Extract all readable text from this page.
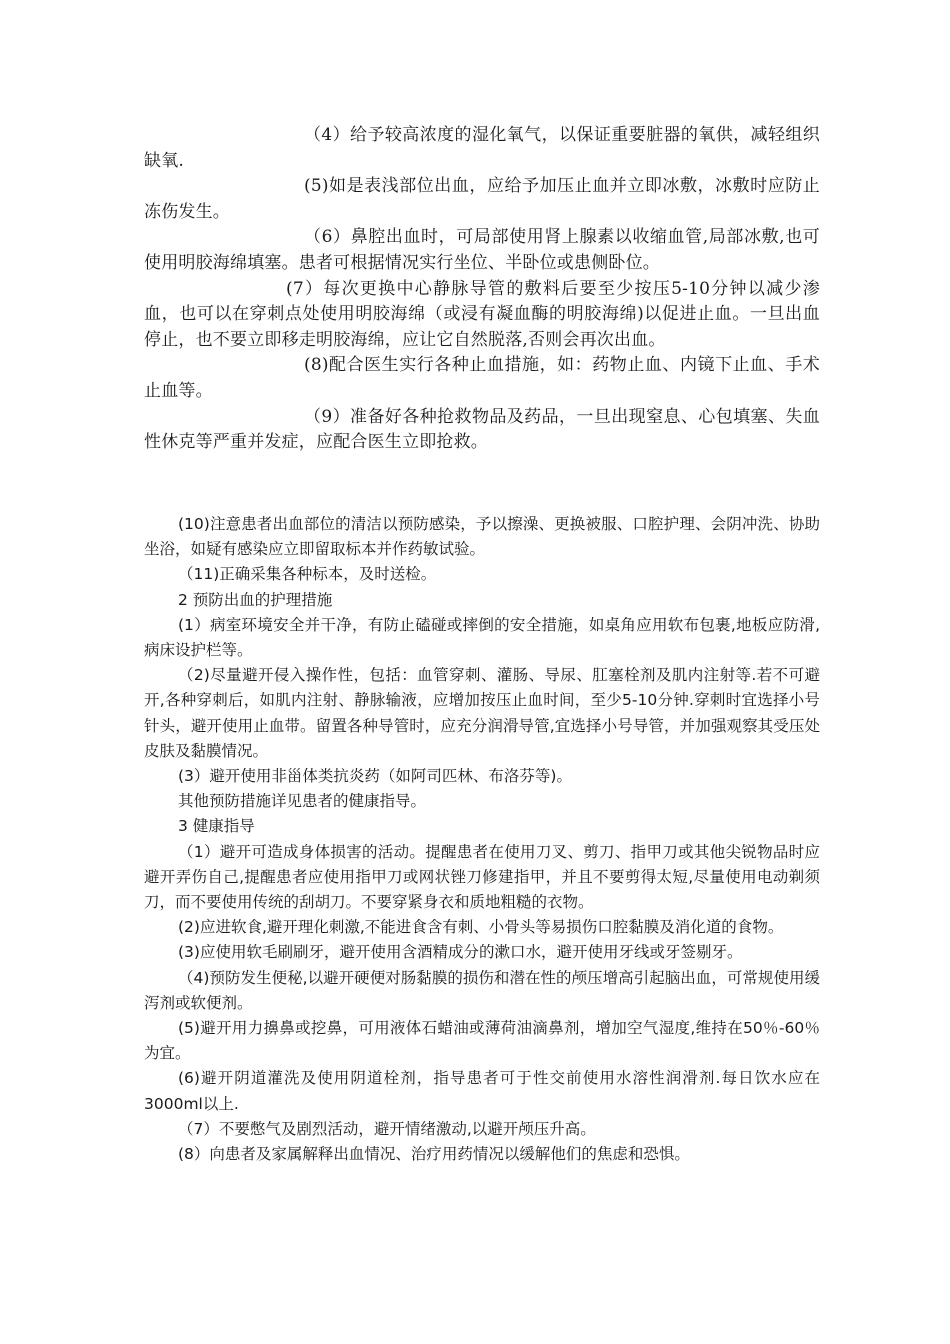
（4）给予较高浓度的湿化氧气，以保证重要脏器的氧供，减轻组织缺氧.

(5)如是表浅部位出血，应给予加压止血并立即冰敷，冰敷时应防止冻伤发生。

（6）鼻腔出血时，可局部使用肾上腺素以收缩血管,局部冰敷,也可使用明胶海绵填塞。患者可根据情况实行坐位、半卧位或患侧卧位。

(7）每次更换中心静脉导管的敷料后要至少按压5-10分钟以减少渗血，也可以在穿刺点处使用明胶海绵（或浸有凝血酶的明胶海绵)以促进止血。一旦出血停止，也不要立即移走明胶海绵，应让它自然脱落,否则会再次出血。

(8)配合医生实行各种止血措施，如：药物止血、内镜下止血、手术止血等。

（9）准备好各种抢救物品及药品，一旦出现窒息、心包填塞、失血性休克等严重并发症，应配合医生立即抢救。

(10)注意患者出血部位的清洁以预防感染，予以擦澡、更换被服、口腔护理、会阴冲洗、协助坐浴，如疑有感染应立即留取标本并作药敏试验。

（11)正确采集各种标本，及时送检。

2 预防出血的护理措施

(1）病室环境安全并干净，有防止磕碰或摔倒的安全措施，如桌角应用软布包裹,地板应防滑,病床设护栏等。

（2)尽量避开侵入操作性，包括：血管穿刺、灌肠、导尿、肛塞栓剂及肌内注射等.若不可避开,各种穿刺后，如肌内注射、静脉输液，应增加按压止血时间，至少5-10分钟.穿刺时宜选择小号针头，避开使用止血带。留置各种导管时，应充分润滑导管,宜选择小号导管，并加强观察其受压处皮肤及黏膜情况。

(3）避开使用非甾体类抗炎药（如阿司匹林、布洛芬等)。

其他预防措施详见患者的健康指导。

3 健康指导

（1）避开可造成身体损害的活动。提醒患者在使用刀叉、剪刀、指甲刀或其他尖锐物品时应避开弄伤自己,提醒患者应使用指甲刀或网状锉刀修建指甲，并且不要剪得太短,尽量使用电动剃须刀，而不要使用传统的刮胡刀。不要穿紧身衣和质地粗糙的衣物。

(2)应进软食,避开理化刺激,不能进食含有刺、小骨头等易损伤口腔黏膜及消化道的食物。

(3)应使用软毛刷刷牙，避开使用含酒精成分的漱口水，避开使用牙线或牙签剔牙。

（4)预防发生便秘,以避开硬便对肠黏膜的损伤和潜在性的颅压增高引起脑出血，可常规使用缓泻剂或软便剂。

(5)避开用力擤鼻或挖鼻，可用液体石蜡油或薄荷油滴鼻剂，增加空气湿度,维持在50％-60％为宜。

(6)避开阴道灌洗及使用阴道栓剂，指导患者可于性交前使用水溶性润滑剂.每日饮水应在3000ml以上.

（7）不要憋气及剧烈活动，避开情绪激动,以避开颅压升高。

(8）向患者及家属解释出血情况、治疗用药情况以缓解他们的焦虑和恐惧。
